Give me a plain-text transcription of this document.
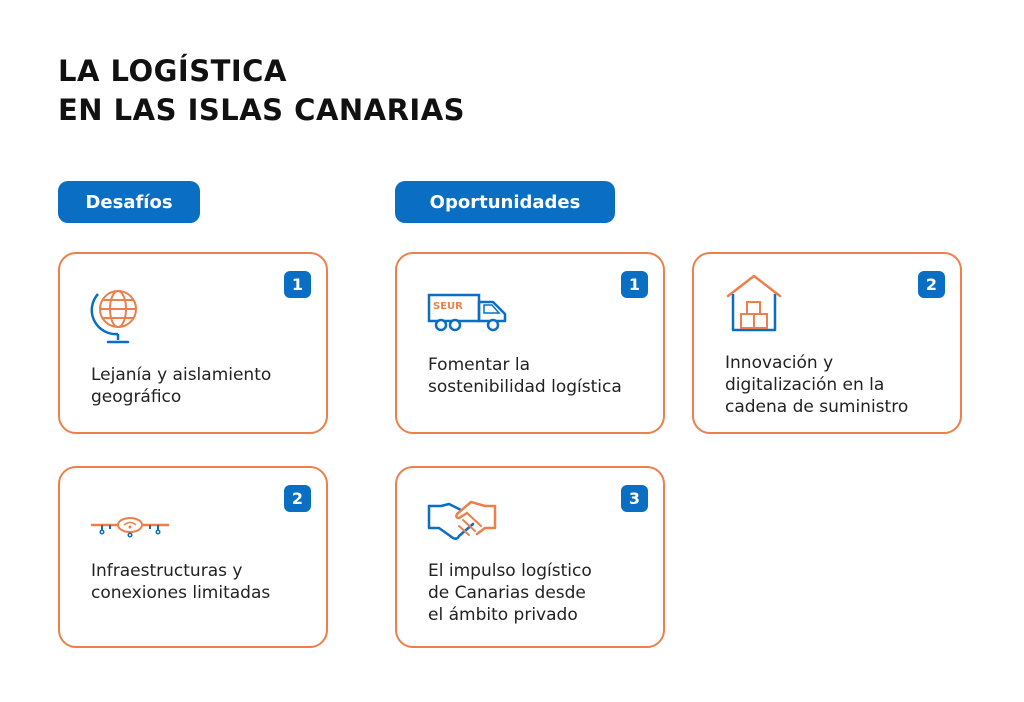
LA LOGÍSTICA
EN LAS ISLAS CANARIAS
Desafíos	Oportunidades
1

Lejanía y aislamiento
geográfico

2

Infraestructuras y
conexiones limitadas

1
SEUR

Fomentar la
sostenibilidad logística

2

Innovación y
digitalización en la
cadena de suministro

3

El impulso logístico
de Canarias desde
el ámbito privado
